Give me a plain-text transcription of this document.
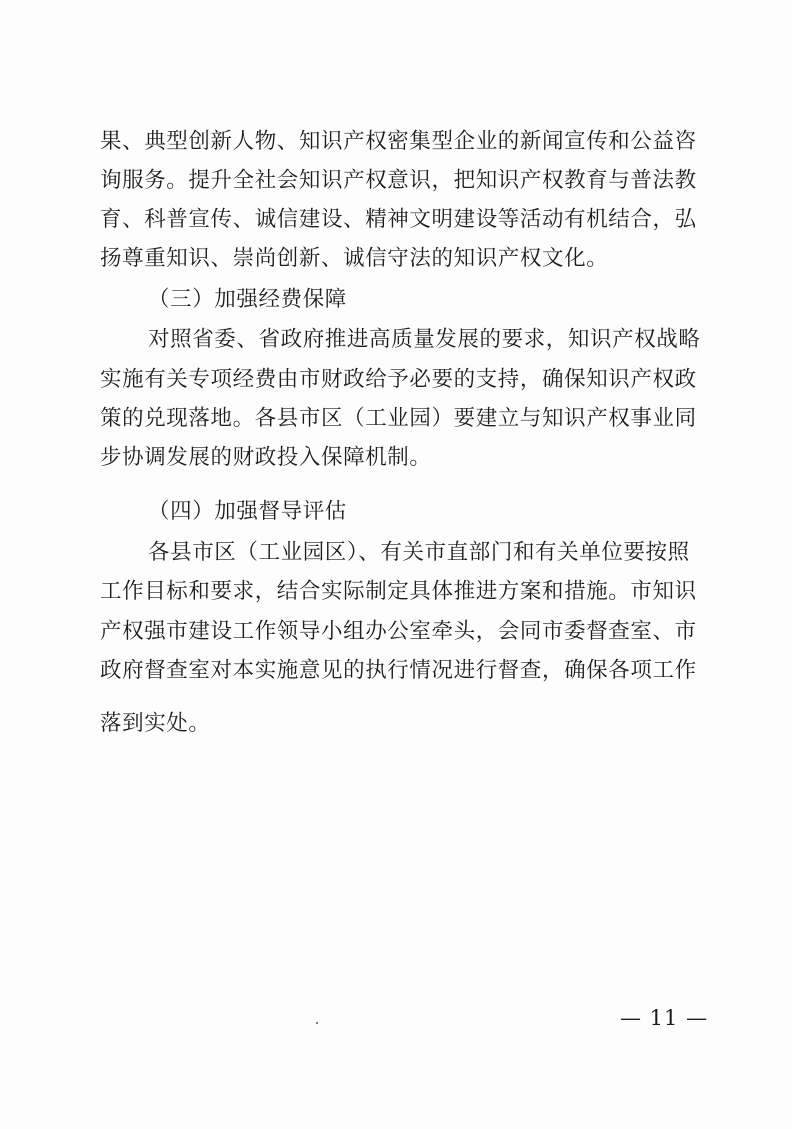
果、典型创新人物、知识产权密集型企业的新闻宣传和公益咨
询服务。提升全社会知识产权意识，把知识产权教育与普法教
育、科普宣传、诚信建设、精神文明建设等活动有机结合，弘
扬尊重知识、崇尚创新、诚信守法的知识产权文化。
（三）加强经费保障
对照省委、省政府推进高质量发展的要求，知识产权战略
实施有关专项经费由市财政给予必要的支持，确保知识产权政
策的兑现落地。各县市区（工业园）要建立与知识产权事业同
步协调发展的财政投入保障机制。
（四）加强督导评估
各县市区（工业园区）、有关市直部门和有关单位要按照
工作目标和要求，结合实际制定具体推进方案和措施。市知识
产权强市建设工作领导小组办公室牵头，会同市委督查室、市
政府督查室对本实施意见的执行情况进行督查，确保各项工作
落到实处。
— 11 —
